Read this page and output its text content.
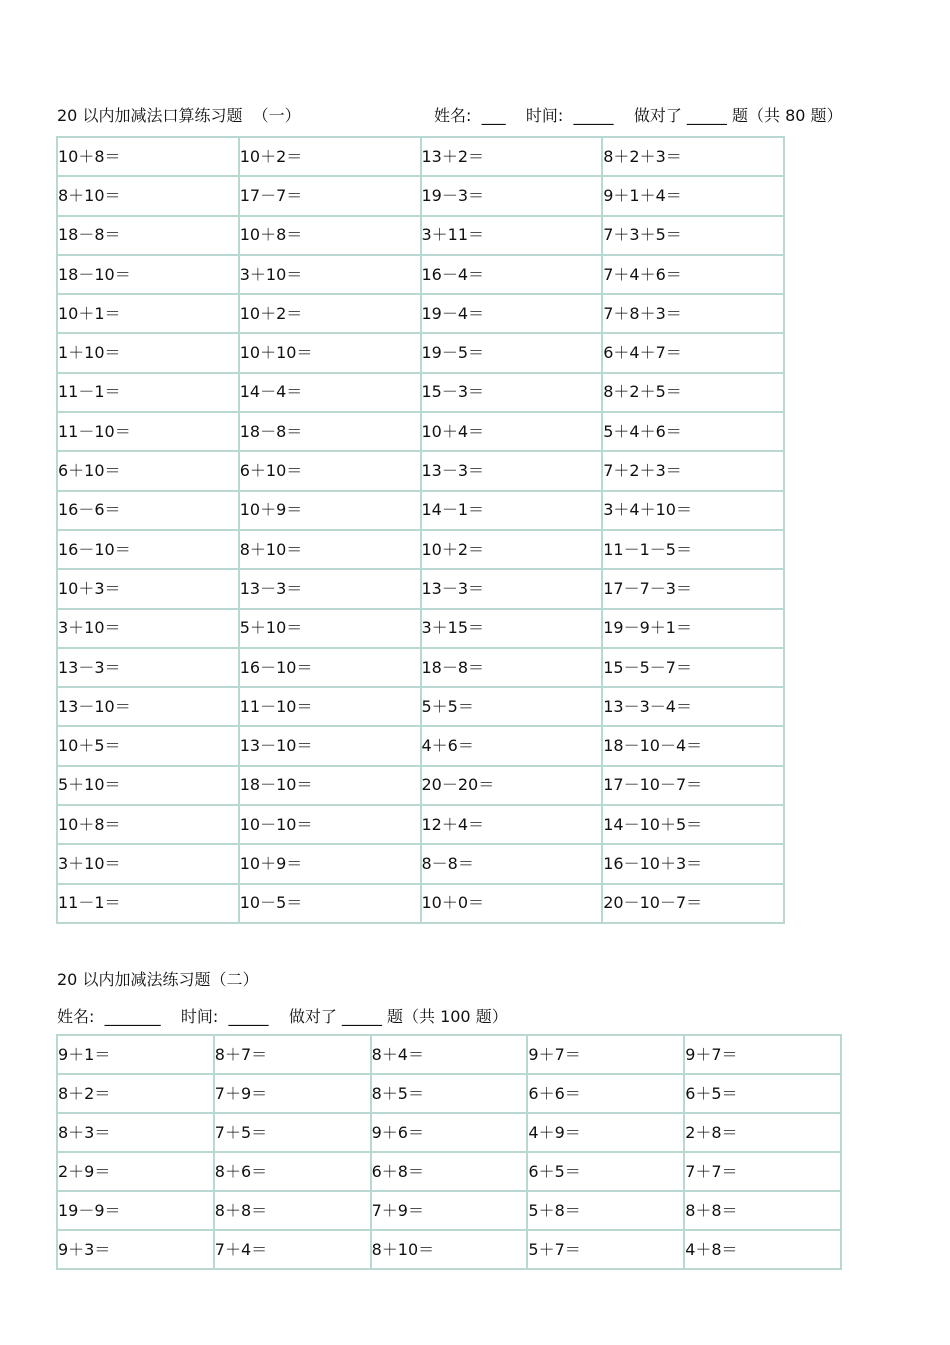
20 以内加减法口算练习题  （一）	姓名:  ___    时间:  _____    做对了 _____ 题（共 80 题）
10＋8＝	10＋2＝	13＋2＝	8＋2＋3＝
8＋10＝	17－7＝	19－3＝	9＋1＋4＝
18－8＝	10＋8＝	3＋11＝	7＋3＋5＝
18－10＝	3＋10＝	16－4＝	7＋4＋6＝
10＋1＝	10＋2＝	19－4＝	7＋8＋3＝
1＋10＝	10＋10＝	19－5＝	6＋4＋7＝
11－1＝	14－4＝	15－3＝	8＋2＋5＝
11－10＝	18－8＝	10＋4＝	5＋4＋6＝
6＋10＝	6＋10＝	13－3＝	7＋2＋3＝
16－6＝	10＋9＝	14－1＝	3＋4＋10＝
16－10＝	8＋10＝	10＋2＝	11－1－5＝
10＋3＝	13－3＝	13－3＝	17－7－3＝
3＋10＝	5＋10＝	3＋15＝	19－9＋1＝
13－3＝	16－10＝	18－8＝	15－5－7＝
13－10＝	11－10＝	5＋5＝	13－3－4＝
10＋5＝	13－10＝	4＋6＝	18－10－4＝
5＋10＝	18－10＝	20－20＝	17－10－7＝
10＋8＝	10－10＝	12＋4＝	14－10＋5＝
3＋10＝	10＋9＝	8－8＝	16－10＋3＝
11－1＝	10－5＝	10＋0＝	20－10－7＝
20 以内加减法练习题（二）
姓名:  _______    时间:  _____    做对了 _____ 题（共 100 题）
9＋1＝	8＋7＝	8＋4＝	9＋7＝	9＋7＝
8＋2＝	7＋9＝	8＋5＝	6＋6＝	6＋5＝
8＋3＝	7＋5＝	9＋6＝	4＋9＝	2＋8＝
2＋9＝	8＋6＝	6＋8＝	6＋5＝	7＋7＝
19－9＝	8＋8＝	7＋9＝	5＋8＝	8＋8＝
9＋3＝	7＋4＝	8＋10＝	5＋7＝	4＋8＝
